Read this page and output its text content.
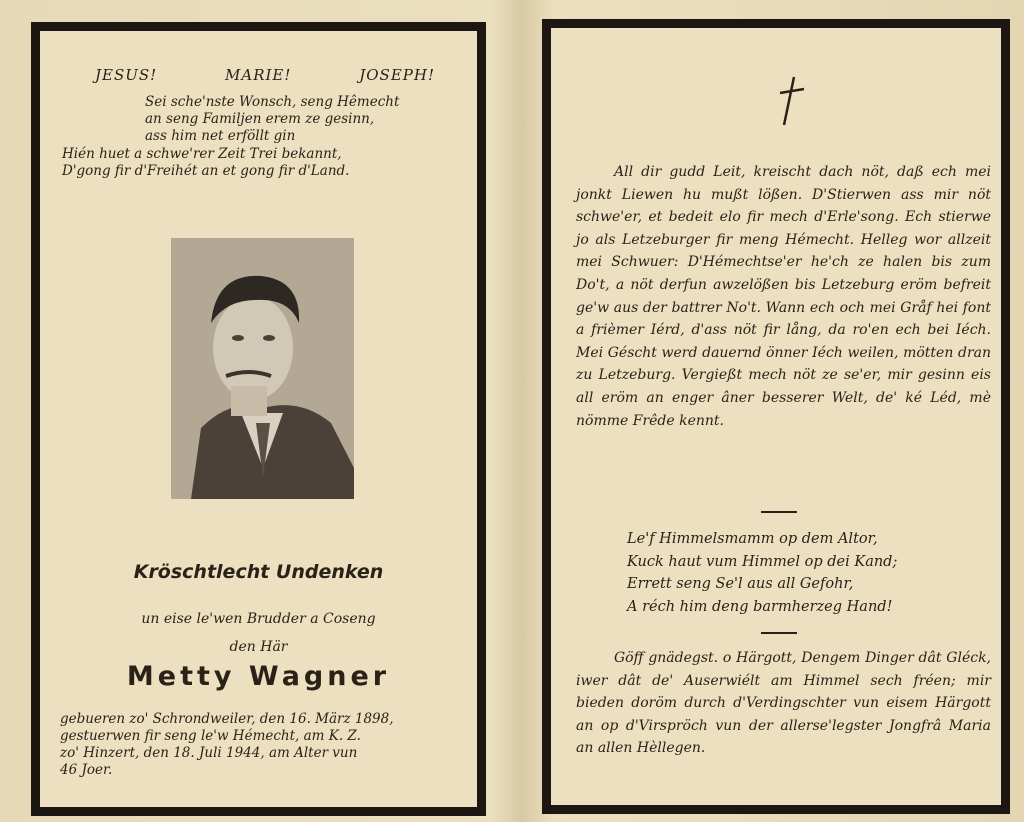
JESUS!	MARIE!	JOSEPH!
Sei sche'nste Wonsch, seng Hêmecht
an seng Familjen erem ze gesinn,
ass him net erföllt gin
Hién huet a schwe'rer Zeit Trei bekannt,
D'gong fir d'Freihét an et gong fir d'Land.
Kröschtlecht Undenken
un eise le'wen Brudder a Coseng
den Här
Metty Wagner
gebueren zo' Schrondweiler, den 16. März 1898,
gestuerwen fir seng le'w Hémecht, am K. Z.
zo' Hinzert, den 18. Juli 1944, am Alter vun
46 Joer.
All dir gudd Leit, kreischt dach nöt, daß ech mei jonkt Liewen hu mußt lößen. D'Stierwen ass mir nöt schwe'er, et bedeit elo fir mech d'Erle'song. Ech stierwe jo als Letzeburger fir meng Hémecht. Helleg wor allzeit mei Schwuer: D'Hémechtse'er he'ch ze halen bis zum Do't, a nöt derfun awzelößen bis Letzeburg eröm befreit ge'w aus der battrer No't. Wann ech och mei Gråf hei font a frièmer Iérd, d'ass nöt fir lång, da ro'en ech bei Iéch. Mei Géscht werd dauernd önner Iéch weilen, mötten dran zu Letzeburg. Vergießt mech nöt ze se'er, mir gesinn eis all eröm an enger âner besserer Welt, de' ké Léd, mè nömme Frêde kennt.
Le'f Himmelsmamm op dem Altor,
Kuck haut vum Himmel op dei Kand;
Errett seng Se'l aus all Gefohr,
A réch him deng barmherzeg Hand!
Göff gnädegst. o Härgott, Dengem Dinger dât Gléck, iwer dât de' Auserwiélt am Himmel sech fréen; mir bieden doröm durch d'Verdingschter vun eisem Härgott an op d'Virspröch vun der allerse'legster Jongfrâ Maria an allen Hèllegen.
